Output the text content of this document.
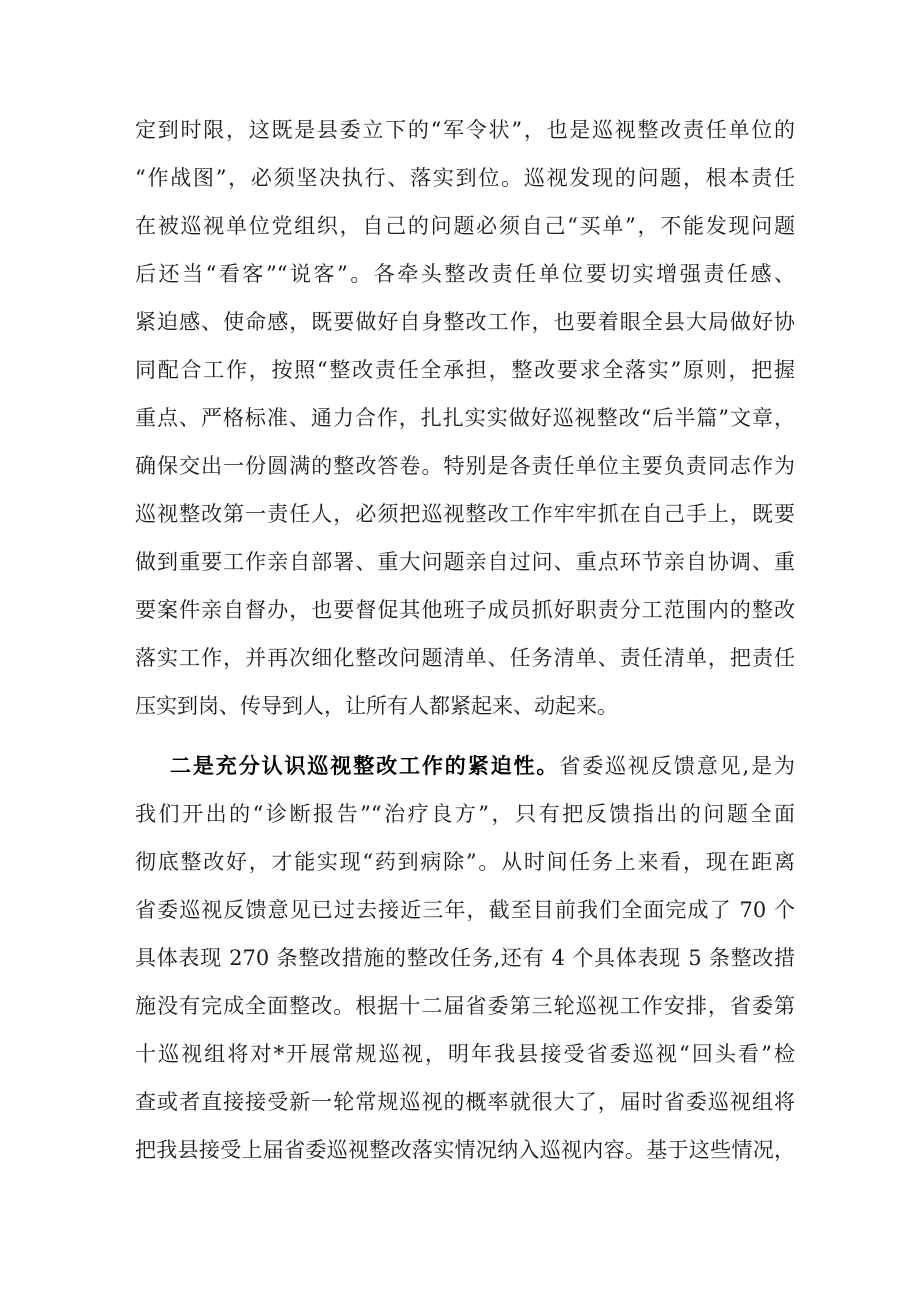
定到时限，这既是县委立下的“军令状”，也是巡视整改责任单位的
“作战图”，必须坚决执行、落实到位。巡视发现的问题，根本责任
在被巡视单位党组织，自己的问题必须自己“买单”，不能发现问题
后还当“看客”“说客”。各牵头整改责任单位要切实增强责任感、
紧迫感、使命感，既要做好自身整改工作，也要着眼全县大局做好协
同配合工作，按照“整改责任全承担，整改要求全落实”原则，把握
重点、严格标准、通力合作，扎扎实实做好巡视整改“后半篇”文章，
确保交出一份圆满的整改答卷。特别是各责任单位主要负责同志作为
巡视整改第一责任人，必须把巡视整改工作牢牢抓在自己手上，既要
做到重要工作亲自部署、重大问题亲自过问、重点环节亲自协调、重
要案件亲自督办，也要督促其他班子成员抓好职责分工范围内的整改
落实工作，并再次细化整改问题清单、任务清单、责任清单，把责任
压实到岗、传导到人，让所有人都紧起来、动起来。
二是充分认识巡视整改工作的紧迫性。省委巡视反馈意见,是为
我们开出的“诊断报告”“治疗良方”，只有把反馈指出的问题全面
彻底整改好，才能实现“药到病除”。从时间任务上来看，现在距离
省委巡视反馈意见已过去接近三年，截至目前我们全面完成了 70 个
具体表现 270 条整改措施的整改任务,还有 4 个具体表现 5 条整改措
施没有完成全面整改。根据十二届省委第三轮巡视工作安排，省委第
十巡视组将对*开展常规巡视，明年我县接受省委巡视“回头看”检
查或者直接接受新一轮常规巡视的概率就很大了，届时省委巡视组将
把我县接受上届省委巡视整改落实情况纳入巡视内容。基于这些情况，
